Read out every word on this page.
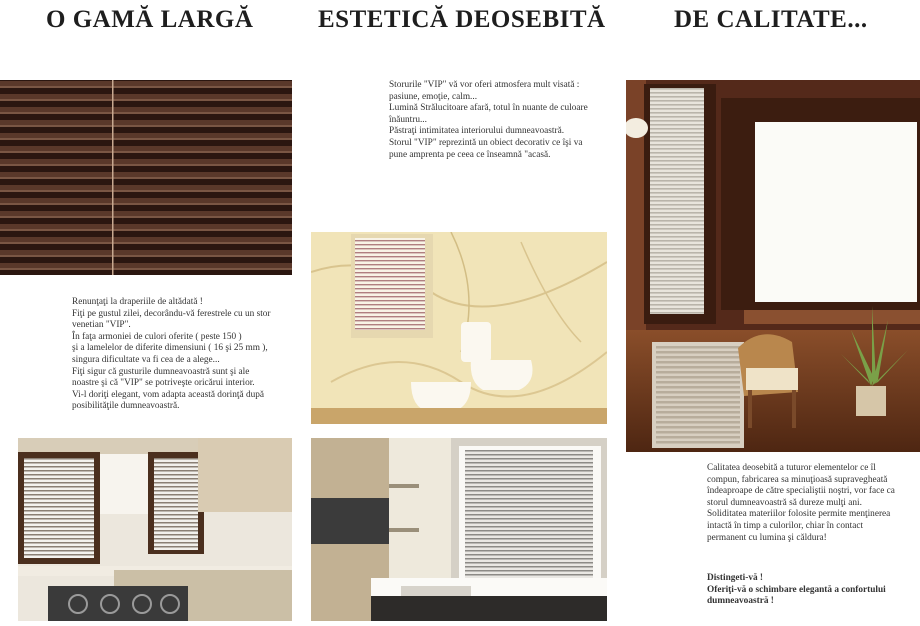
O GAMĂ LARGĂ	ESTETICĂ DEOSEBITĂ	DE CALITATE...

Storurile "VIP" vă vor oferi atmosfera mult visată :

pasiune, emoţie, calm...

Lumină Strălucitoare afară, totul în nuante de culoare

înăuntru...

Păstraţi intimitatea interiorului dumneavoastră.

Storul "VIP" reprezintă un obiect decorativ ce îşi va

pune amprenta pe ceea ce înseamnă "acasă.

Renunţaţi la draperiile de altădată !

Fiţi pe gustul zilei, decorându-vă ferestrele cu un stor

venetian "VIP".

În faţa armoniei de culori oferite ( peste 150 )

şi a lamelelor de diferite dimensiuni ( 16 şi 25 mm ),

singura dificultate va fi cea de a alege...

Fiţi sigur că gusturile dumneavoastră sunt şi ale

noastre şi că "VIP" se potriveşte oricărui interior.

Vi-l doriţi elegant, vom adapta această dorinţă după

posibilităţile dumneavoastră.

Calitatea deosebită a tuturor elementelor ce îl

compun, fabricarea sa minuţioasă supravegheată

îndeaproape de către specialiştii noştri, vor face ca

storul dumneavoastră să dureze mulţi ani.

Soliditatea materiilor folosite permite menţinerea

intactă în timp a culorilor, chiar în contact

permanent cu lumina şi căldura!

Distingeti-vă !

Oferiţi-vă o schimbare elegantă a confortului

dumneavoastră !
